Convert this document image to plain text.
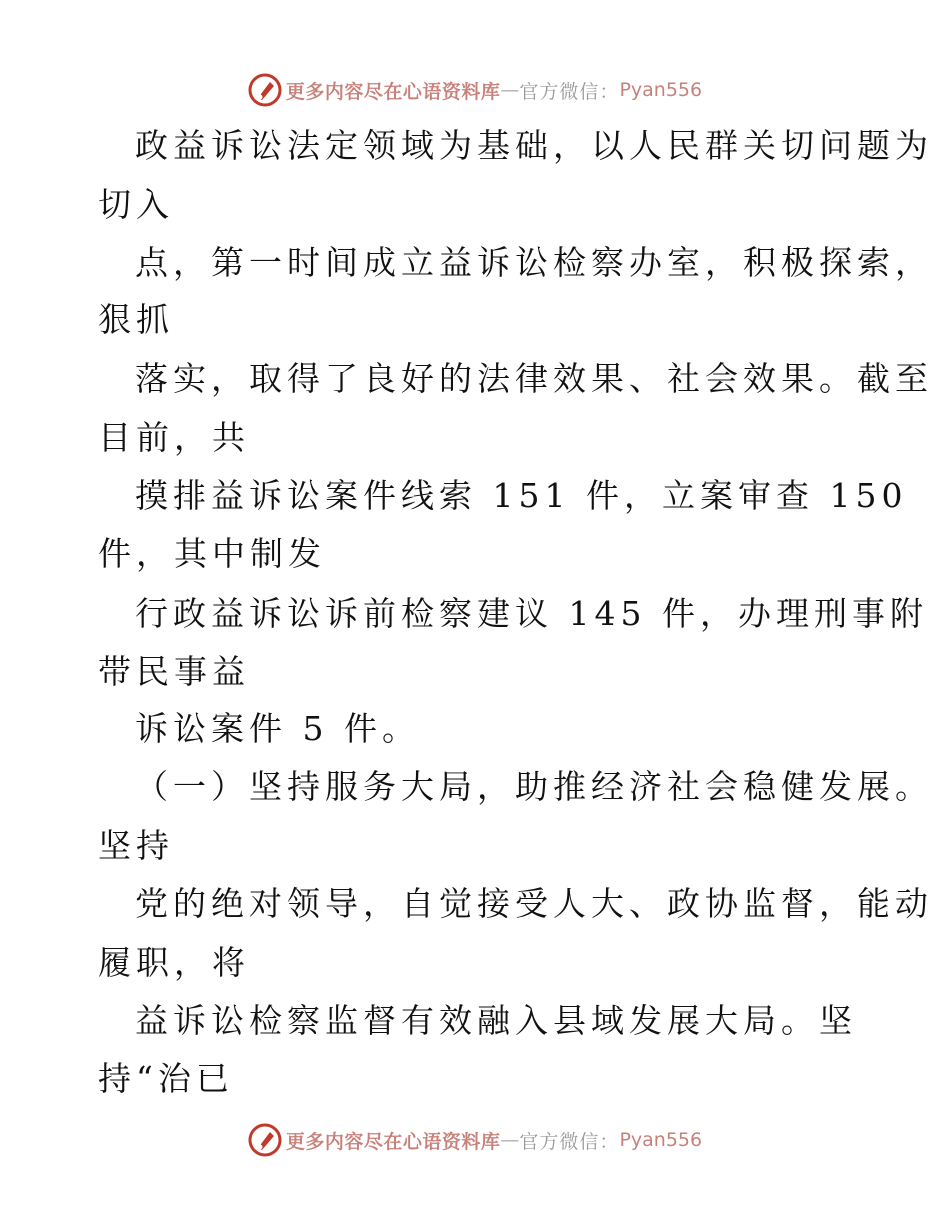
更多内容尽在心语资料库 — 官方微信： Pyan556
政益诉讼法定领域为基础，以人民群关切问题为
切入
点，第一时间成立益诉讼检察办室，积极探索，
狠抓
落实，取得了良好的法律效果、社会效果。截至
目前，共
摸排益诉讼案件线索 151 件，立案审查 150
件，其中制发
行政益诉讼诉前检察建议 145 件，办理刑事附
带民事益
诉讼案件 5 件。
（一）坚持服务大局，助推经济社会稳健发展。
坚持
党的绝对领导，自觉接受人大、政协监督，能动
履职，将
益诉讼检察监督有效融入县域发展大局。坚
持“治已
更多内容尽在心语资料库 — 官方微信： Pyan556
